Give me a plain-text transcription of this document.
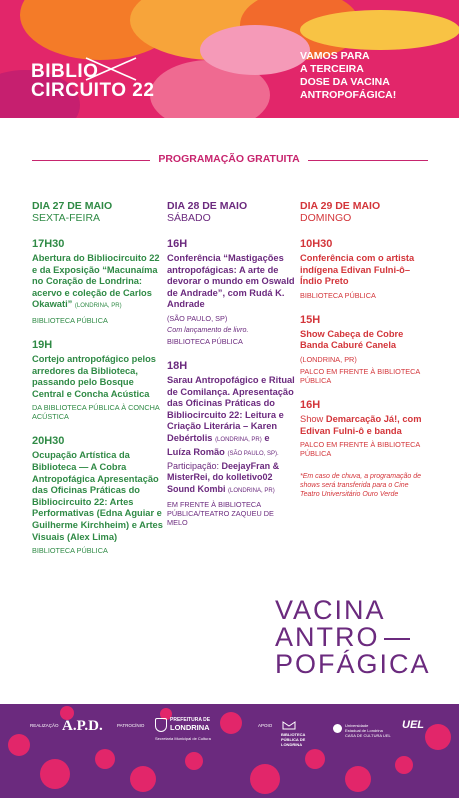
BIBLIO
CIRCUITO 22
VAMOS PARA
A TERCEIRA
DOSE DA VACINA
ANTROPOFÁGICA!
PROGRAMAÇÃO GRATUITA
DIA 27 DE MAIO
SEXTA-FEIRA
17H30
Abertura do Bibliocircuito 22 e da Exposição “Macunaíma no Coração de Londrina: acervo e coleção de Carlos Okawati” (LONDRINA, PR)
BIBLIOTECA PÚBLICA
19H
Cortejo antropofágico pelos arredores da Biblioteca, passando pelo Bosque Central e Concha Acústica
DA BIBLIOTECA PÚBLICA À CONCHA ACÚSTICA
20H30
Ocupação Artística da Biblioteca — A Cobra Antropofágica Apresentação das Oficinas Práticas do Bibliocircuito 22: Artes Performativas (Edna Aguiar e Guilherme Kirchheim) e Artes Visuais (Alex Lima)
BIBLIOTECA PÚBLICA
DIA 28 DE MAIO
SÁBADO
16H
Conferência “Mastigações antropofágicas: A arte de devorar o mundo em Oswald de Andrade”, com Rudá K. Andrade
(SÃO PAULO, SP)
Com lançamento de livro.
BIBLIOTECA PÚBLICA
18H
Sarau Antropofágico e Ritual de Comilança. Apresentação das Oficinas Práticas do Bibliocircuito 22: Leitura e Criação Literária – Karen Debértolis (LONDRINA, PR) e Luíza Romão (SÃO PAULO, SP).
Participação: DeejayFran & MisterRei, do kolletivo02 Sound Kombi (LONDRINA, PR)
EM FRENTE À BIBLIOTECA PÚBLICA/TEATRO ZAQUEU DE MELO
DIA 29 DE MAIO
DOMINGO
10H30
Conferência com o artista indígena Edivan Fulni-ô– Índio Preto
BIBLIOTECA PÚBLICA
15H
Show Cabeça de Cobre Banda Caburé Canela
(LONDRINA, PR)
PALCO EM FRENTE À BIBLIOTECA PÚBLICA
16H
Show Demarcação Já!, com Edivan Fulni-ô e banda
PALCO EM FRENTE À BIBLIOTECA PÚBLICA
*Em caso de chuva, a programação de shows será transferida para o Cine Teatro Universitário Ouro Verde
VACINA
ANTRO
POFÁGICA
REALIZAÇÃO A.P.D.	PATROCÍNIO
PREFEITURA DE
LONDRINA
Secretaria Municipal de Cultura
APOIO
BIBLIOTECA
PÚBLICA DE
LONDRINA
Universidade
Estadual de Londrina
CASA DE CULTURA UEL
UEL
